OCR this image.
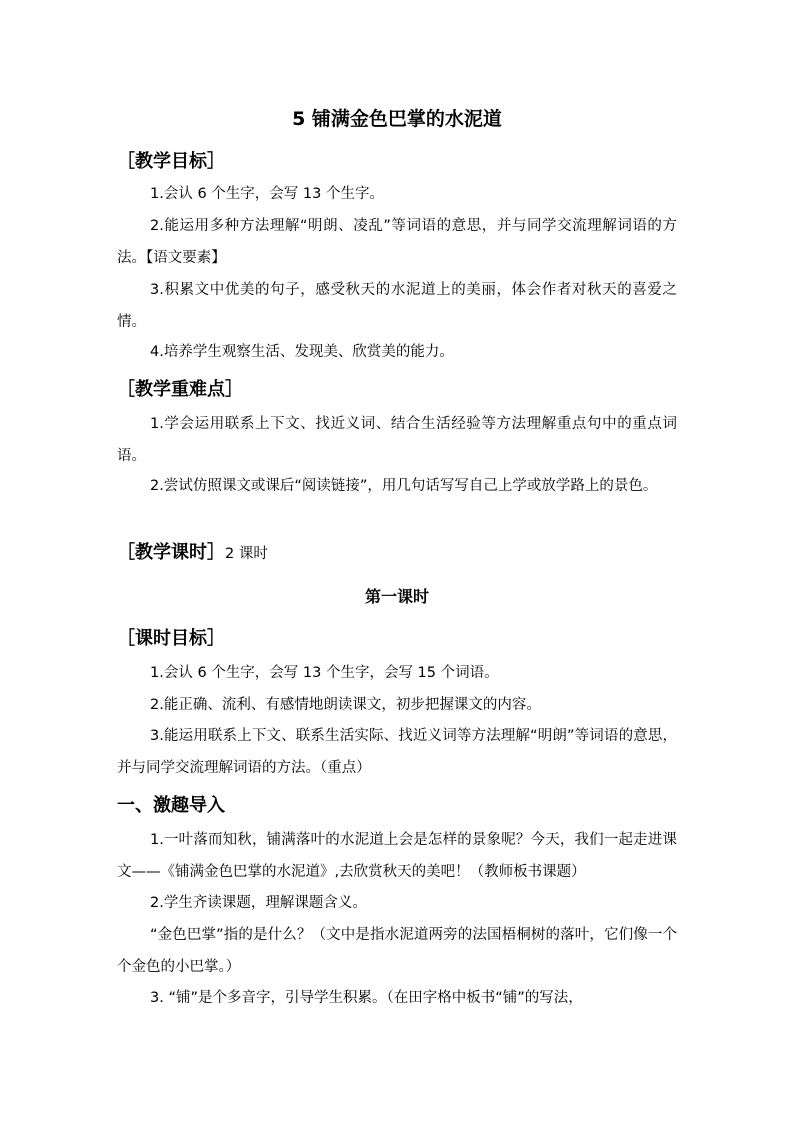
5 铺满金色巴掌的水泥道
［教学目标］
1.会认 6 个生字，会写 13 个生字。
2.能运用多种方法理解“明朗、凌乱”等词语的意思，并与同学交流理解词语的方法。【语文要素】
3.积累文中优美的句子，感受秋天的水泥道上的美丽，体会作者对秋天的喜爱之情。
4.培养学生观察生活、发现美、欣赏美的能力。
［教学重难点］
1.学会运用联系上下文、找近义词、结合生活经验等方法理解重点句中的重点词语。
2.尝试仿照课文或课后“阅读链接”，用几句话写写自己上学或放学路上的景色。
［教学课时］2 课时
第一课时
［课时目标］
1.会认 6 个生字，会写 13 个生字，会写 15 个词语。
2.能正确、流利、有感情地朗读课文，初步把握课文的内容。
3.能运用联系上下文、联系生活实际、找近义词等方法理解“明朗”等词语的意思，并与同学交流理解词语的方法。（重点）
一、激趣导入
1.一叶落而知秋，铺满落叶的水泥道上会是怎样的景象呢？今天，我们一起走进课文——《铺满金色巴掌的水泥道》,去欣赏秋天的美吧！（教师板书课题）
2.学生齐读课题，理解课题含义。
“金色巴掌”指的是什么？（文中是指水泥道两旁的法国梧桐树的落叶，它们像一个个金色的小巴掌。）
3. “铺”是个多音字，引导学生积累。（在田字格中板书“铺”的写法，
